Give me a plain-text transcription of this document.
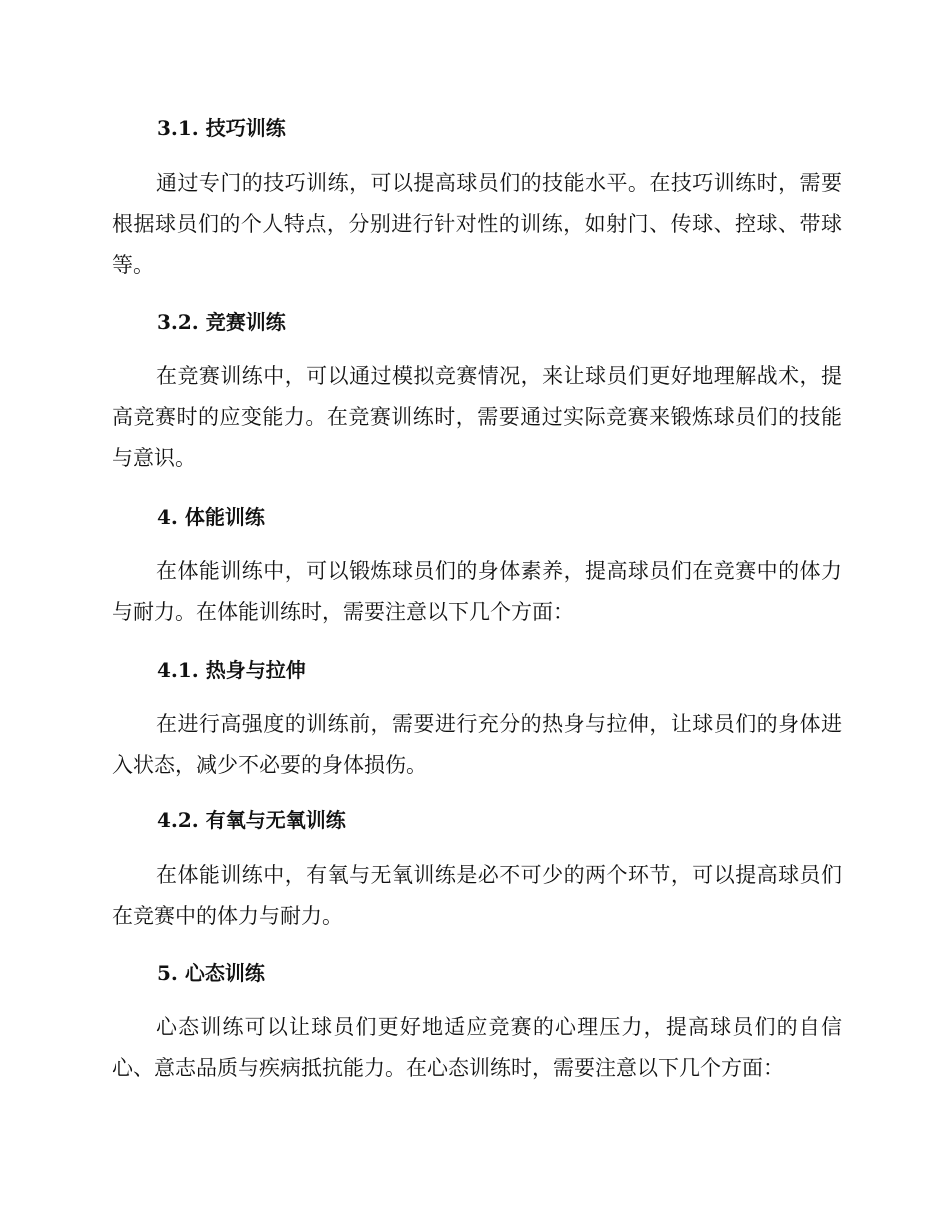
3.1. 技巧训练
通过专门的技巧训练，可以提高球员们的技能水平。在技巧训练时，需要根据球员们的个人特点，分别进行针对性的训练，如射门、传球、控球、带球等。
3.2. 竞赛训练
在竞赛训练中，可以通过模拟竞赛情况，来让球员们更好地理解战术，提高竞赛时的应变能力。在竞赛训练时，需要通过实际竞赛来锻炼球员们的技能与意识。
4. 体能训练
在体能训练中，可以锻炼球员们的身体素养，提高球员们在竞赛中的体力与耐力。在体能训练时，需要注意以下几个方面：
4.1. 热身与拉伸
在进行高强度的训练前，需要进行充分的热身与拉伸，让球员们的身体进入状态，减少不必要的身体损伤。
4.2. 有氧与无氧训练
在体能训练中，有氧与无氧训练是必不可少的两个环节，可以提高球员们在竞赛中的体力与耐力。
5. 心态训练
心态训练可以让球员们更好地适应竞赛的心理压力，提高球员们的自信心、意志品质与疾病抵抗能力。在心态训练时，需要注意以下几个方面：
